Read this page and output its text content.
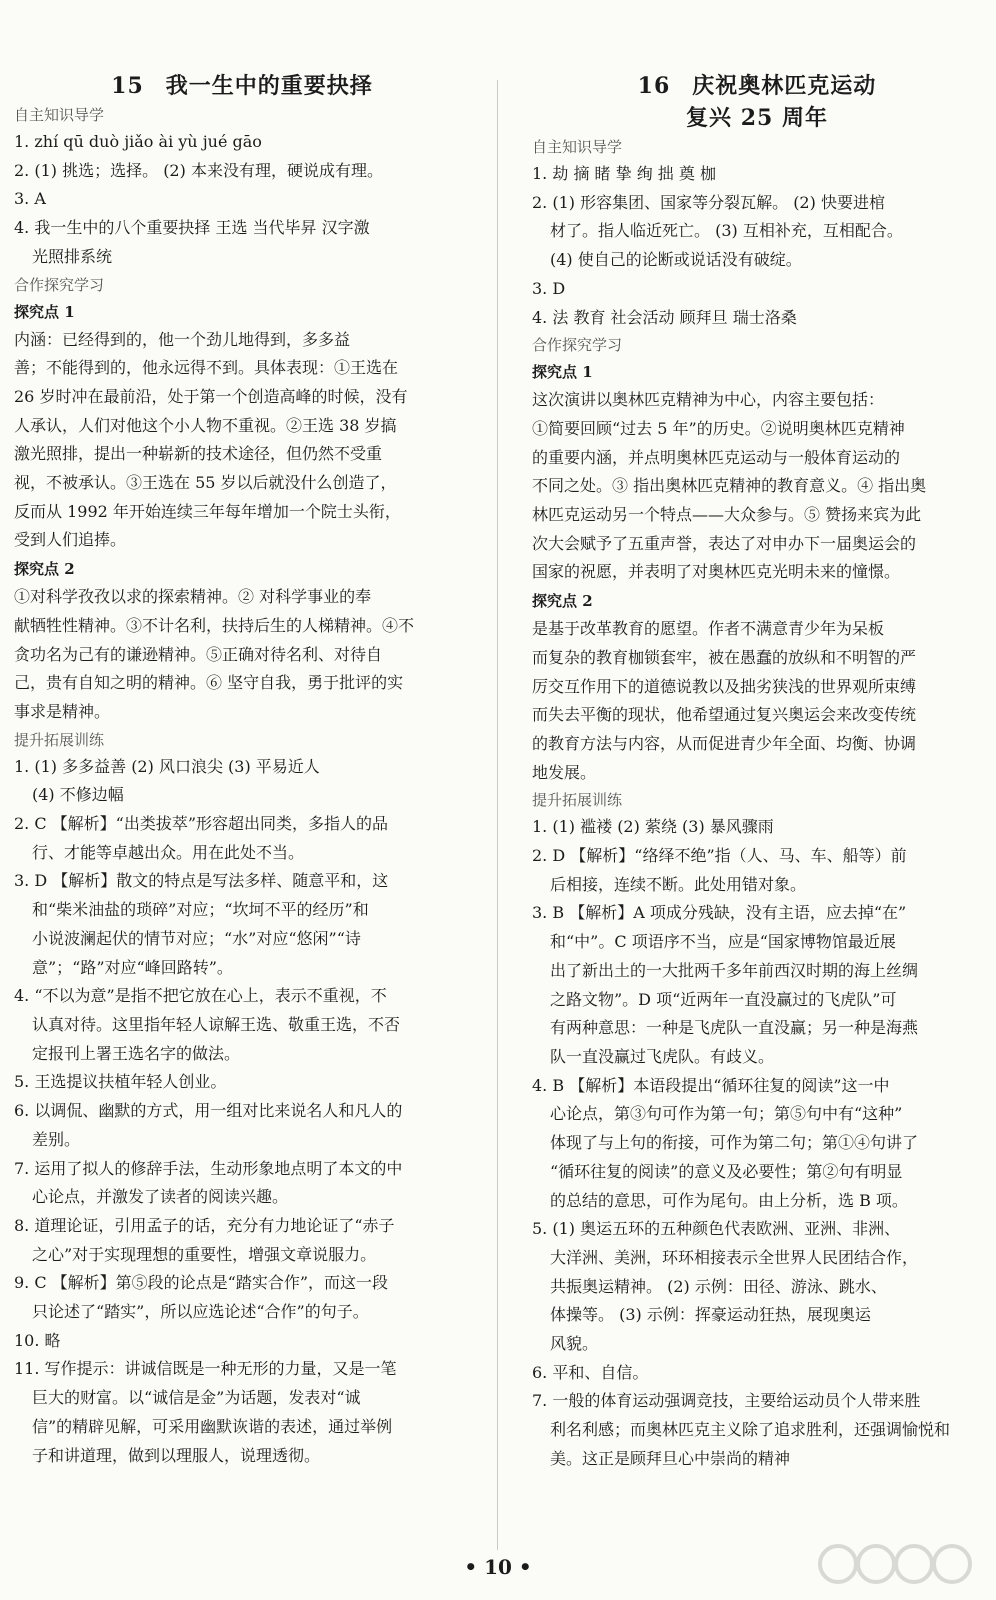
15 我一生中的重要抉择
自主知识导学
1. zhí qū duò jiǎo ài yù jué gāo
2. (1) 挑选；选择。 (2) 本来没有理，硬说成有理。
3. A
4. 我一生中的八个重要抉择 王选 当代毕昇 汉字激
光照排系统
合作探究学习
探究点 1
内涵：已经得到的，他一个劲儿地得到，多多益
善；不能得到的，他永远得不到。具体表现：①王选在
26 岁时冲在最前沿，处于第一个创造高峰的时候，没有
人承认，人们对他这个小人物不重视。②王选 38 岁搞
激光照排，提出一种崭新的技术途径，但仍然不受重
视，不被承认。③王选在 55 岁以后就没什么创造了，
反而从 1992 年开始连续三年每年增加一个院士头衔，
受到人们追捧。
探究点 2
①对科学孜孜以求的探索精神。② 对科学事业的奉
献牺牲性精神。③不计名利，扶持后生的人梯精神。④不
贪功名为己有的谦逊精神。⑤正确对待名利、对待自
己，贵有自知之明的精神。⑥ 坚守自我，勇于批评的实
事求是精神。
提升拓展训练
1. (1) 多多益善 (2) 风口浪尖 (3) 平易近人
(4) 不修边幅
2. C 【解析】“出类拔萃”形容超出同类，多指人的品
行、才能等卓越出众。用在此处不当。
3. D 【解析】散文的特点是写法多样、随意平和，这
和“柴米油盐的琐碎”对应；“坎坷不平的经历”和
小说波澜起伏的情节对应；“水”对应“悠闲”“诗
意”；“路”对应“峰回路转”。
4. “不以为意”是指不把它放在心上，表示不重视，不
认真对待。这里指年轻人谅解王选、敬重王选，不否
定报刊上署王选名字的做法。
5. 王选提议扶植年轻人创业。
6. 以调侃、幽默的方式，用一组对比来说名人和凡人的
差别。
7. 运用了拟人的修辞手法，生动形象地点明了本文的中
心论点，并激发了读者的阅读兴趣。
8. 道理论证，引用孟子的话，充分有力地论证了“赤子
之心”对于实现理想的重要性，增强文章说服力。
9. C 【解析】第⑤段的论点是“踏实合作”，而这一段
只论述了“踏实”，所以应选论述“合作”的句子。
10. 略
11. 写作提示：讲诚信既是一种无形的力量，又是一笔
巨大的财富。以“诚信是金”为话题，发表对“诚
信”的精辟见解，可采用幽默诙谐的表述，通过举例
子和讲道理，做到以理服人，说理透彻。
16 庆祝奥林匹克运动
复兴 25 周年
自主知识导学
1. 劫 摘 睹 挚 绚 拙 奠 枷
2. (1) 形容集团、国家等分裂瓦解。 (2) 快要进棺
材了。指人临近死亡。 (3) 互相补充，互相配合。
(4) 使自己的论断或说话没有破绽。
3. D
4. 法 教育 社会活动 顾拜旦 瑞士洛桑
合作探究学习
探究点 1
这次演讲以奥林匹克精神为中心，内容主要包括：
①简要回顾“过去 5 年”的历史。②说明奥林匹克精神
的重要内涵，并点明奥林匹克运动与一般体育运动的
不同之处。③ 指出奥林匹克精神的教育意义。④ 指出奥
林匹克运动另一个特点——大众参与。⑤ 赞扬来宾为此
次大会赋予了五重声誉，表达了对申办下一届奥运会的
国家的祝愿，并表明了对奥林匹克光明未来的憧憬。
探究点 2
是基于改革教育的愿望。作者不满意青少年为呆板
而复杂的教育枷锁套牢，被在愚蠢的放纵和不明智的严
厉交互作用下的道德说教以及拙劣狭浅的世界观所束缚
而失去平衡的现状，他希望通过复兴奥运会来改变传统
的教育方法与内容，从而促进青少年全面、均衡、协调
地发展。
提升拓展训练
1. (1) 褴褛 (2) 萦绕 (3) 暴风骤雨
2. D 【解析】“络绎不绝”指（人、马、车、船等）前
后相接，连续不断。此处用错对象。
3. B 【解析】A 项成分残缺，没有主语，应去掉“在”
和“中”。C 项语序不当，应是“国家博物馆最近展
出了新出土的一大批两千多年前西汉时期的海上丝绸
之路文物”。D 项“近两年一直没赢过的飞虎队”可
有两种意思：一种是飞虎队一直没赢；另一种是海燕
队一直没赢过飞虎队。有歧义。
4. B 【解析】本语段提出“循环往复的阅读”这一中
心论点，第③句可作为第一句；第⑤句中有“这种”
体现了与上句的衔接，可作为第二句；第①④句讲了
“循环往复的阅读”的意义及必要性；第②句有明显
的总结的意思，可作为尾句。由上分析，选 B 项。
5. (1) 奥运五环的五种颜色代表欧洲、亚洲、非洲、
大洋洲、美洲，环环相接表示全世界人民团结合作，
共振奥运精神。 (2) 示例：田径、游泳、跳水、
体操等。 (3) 示例：挥豪运动狂热，展现奥运
风貌。
6. 平和、自信。
7. 一般的体育运动强调竞技，主要给运动员个人带来胜
利名利感；而奥林匹克主义除了追求胜利，还强调愉悦和
美。这正是顾拜旦心中崇尚的精神
• 10 •
